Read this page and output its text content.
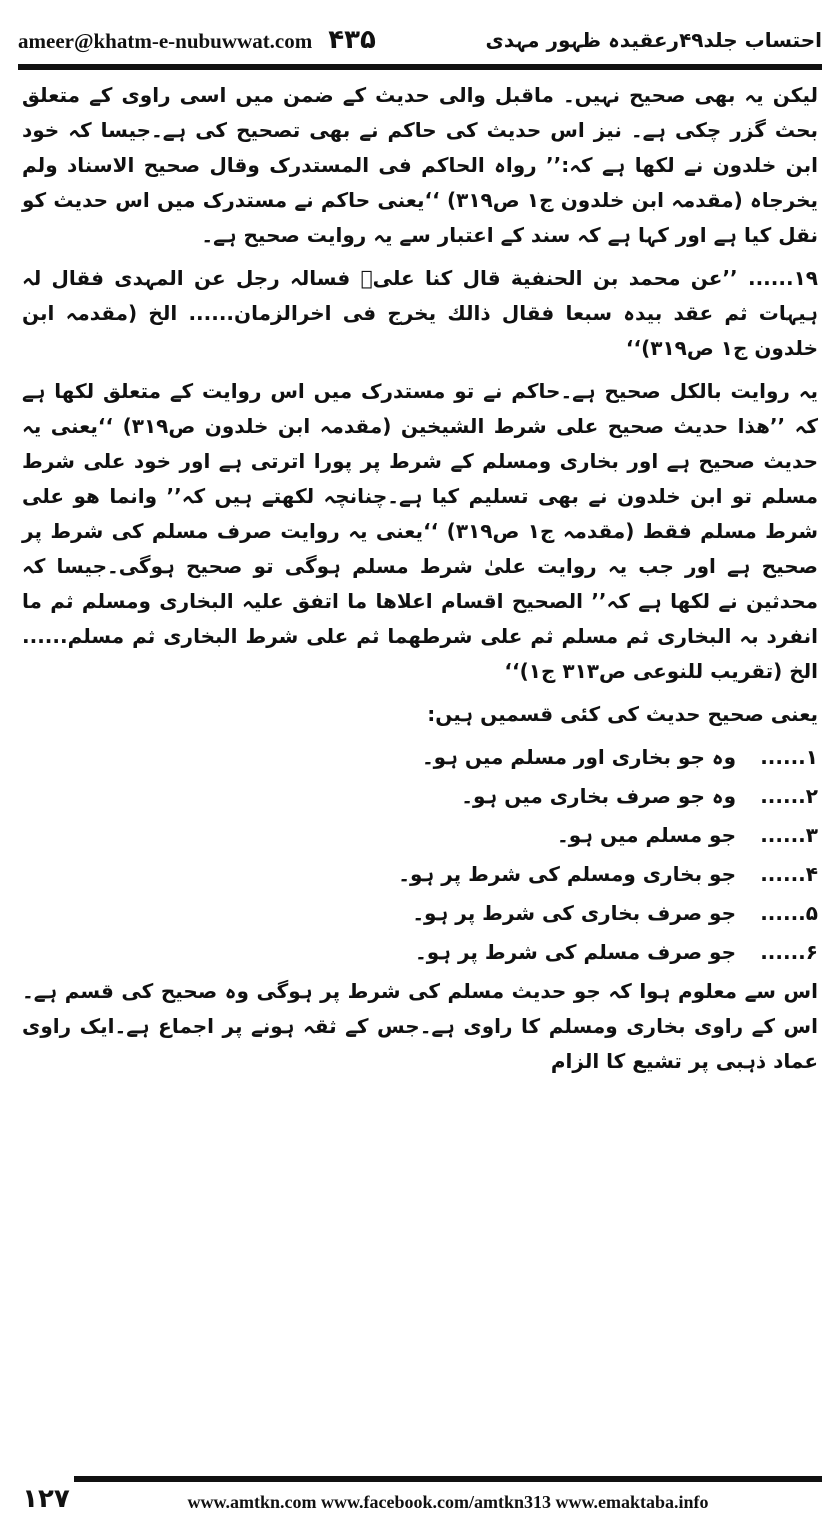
ameer@khatm-e-nubuwwat.com ۴۳۵	احتساب جلد۴۹رعقیدہ ظہور مہدی

لیکن یہ بھی صحیح نہیں۔ ماقبل والی حدیث کے ضمن میں اسی راوی کے متعلق بحث گزر چکی ہے۔ نیز اس حدیث کی حاکم نے بھی تصحیح کی ہے۔جیسا کہ خود ابن خلدون نے لکھا ہے کہ:’’ رواہ الحاکم فی المستدرک وقال صحیح الاسناد ولم یخرجاہ (مقدمہ ابن خلدون ج۱ ص۳۱۹) ‘‘یعنی حاکم نے مستدرک میں اس حدیث کو نقل کیا ہے اور کہا ہے کہ سند کے اعتبار سے یہ روایت صحیح ہے۔

۱۹...... ’’عن محمد بن الحنفیة قال کنا علیؓ فسالہ رجل عن المہدی فقال لہ ہیہات ثم عقد بیدہ سبعا فقال ذالك یخرج فی اخرالزمان...... الخ (مقدمہ ابن خلدون ج۱ ص۳۱۹)‘‘

یہ روایت بالکل صحیح ہے۔حاکم نے تو مستدرک میں اس روایت کے متعلق لکھا ہے کہ ’’ھذا حدیث صحیح علی شرط الشیخین (مقدمہ ابن خلدون ص۳۱۹) ‘‘یعنی یہ حدیث صحیح ہے اور بخاری ومسلم کے شرط پر پورا اترتی ہے اور خود علی شرط مسلم تو ابن خلدون نے بھی تسلیم کیا ہے۔چنانچہ لکھتے ہیں کہ’’ وانما ھو علی شرط مسلم فقط (مقدمہ ج۱ ص۳۱۹) ‘‘یعنی یہ روایت صرف مسلم کی شرط پر صحیح ہے اور جب یہ روایت علیٰ شرط مسلم ہوگی تو صحیح ہوگی۔جیسا کہ محدثین نے لکھا ہے کہ’’ الصحیح اقسام اعلاھا ما اتفق علیہ البخاری ومسلم ثم ما انفرد بہ البخاری ثم مسلم ثم علی شرطھما ثم علی شرط البخاری ثم مسلم...... الخ (تقریب للنوعی ص۳۱۳ ج۱)‘‘

یعنی صحیح حدیث کی کئی قسمیں ہیں:

۱......
وہ جو بخاری اور مسلم میں ہو۔
۲......
وہ جو صرف بخاری میں ہو۔
۳......
جو مسلم میں ہو۔
۴......
جو بخاری ومسلم کی شرط پر ہو۔
۵......
جو صرف بخاری کی شرط پر ہو۔
۶......
جو صرف مسلم کی شرط پر ہو۔

اس سے معلوم ہوا کہ جو حدیث مسلم کی شرط پر ہوگی وہ صحیح کی قسم ہے۔اس کے راوی بخاری ومسلم کا راوی ہے۔جس کے ثقہ ہونے پر اجماع ہے۔ایک راوی عماد ذہبی پر تشیع کا الزام

۱۲۷	www.amtkn.com www.facebook.com/amtkn313 www.emaktaba.info
